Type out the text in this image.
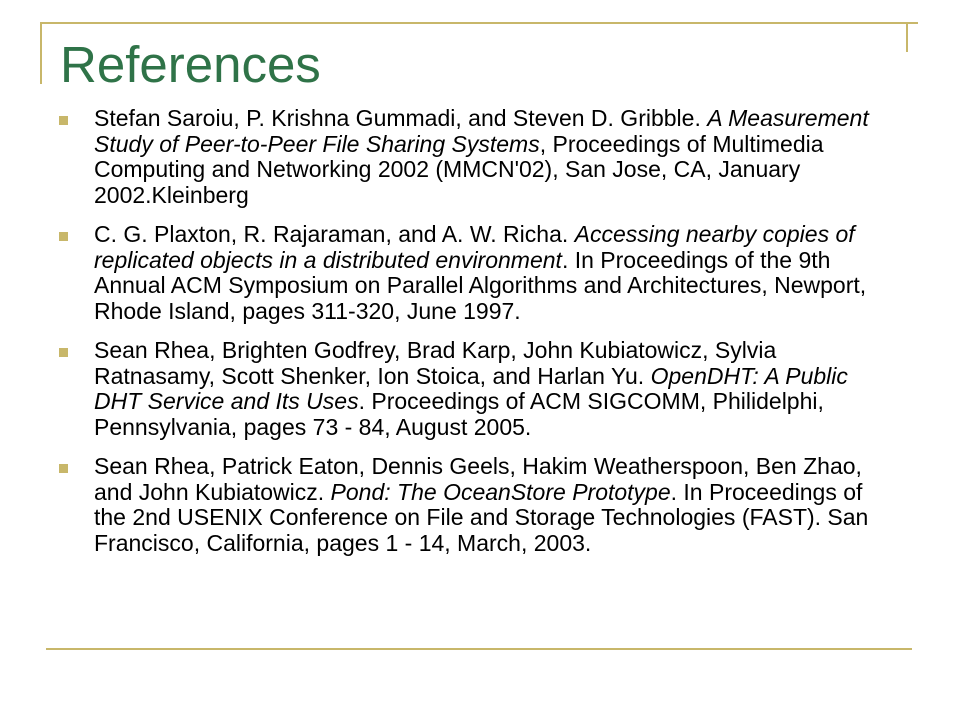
References
Stefan Saroiu, P. Krishna Gummadi, and Steven D. Gribble. A Measurement Study of Peer-to-Peer File Sharing Systems, Proceedings of Multimedia Computing and Networking 2002 (MMCN'02), San Jose, CA, January 2002.Kleinberg
C. G. Plaxton, R. Rajaraman, and A. W. Richa. Accessing nearby copies of replicated objects in a distributed environment. In Proceedings of the 9th Annual ACM Symposium on Parallel Algorithms and Architectures, Newport, Rhode Island, pages 311-320, June 1997.
Sean Rhea, Brighten Godfrey, Brad Karp, John Kubiatowicz, Sylvia Ratnasamy, Scott Shenker, Ion Stoica, and Harlan Yu. OpenDHT: A Public DHT Service and Its Uses. Proceedings of ACM SIGCOMM, Philidelphi, Pennsylvania, pages 73 - 84, August 2005.
Sean Rhea, Patrick Eaton, Dennis Geels, Hakim Weatherspoon, Ben Zhao, and John Kubiatowicz. Pond: The OceanStore Prototype. In Proceedings of the 2nd USENIX Conference on File and Storage Technologies (FAST). San Francisco, California, pages 1 - 14, March, 2003.
